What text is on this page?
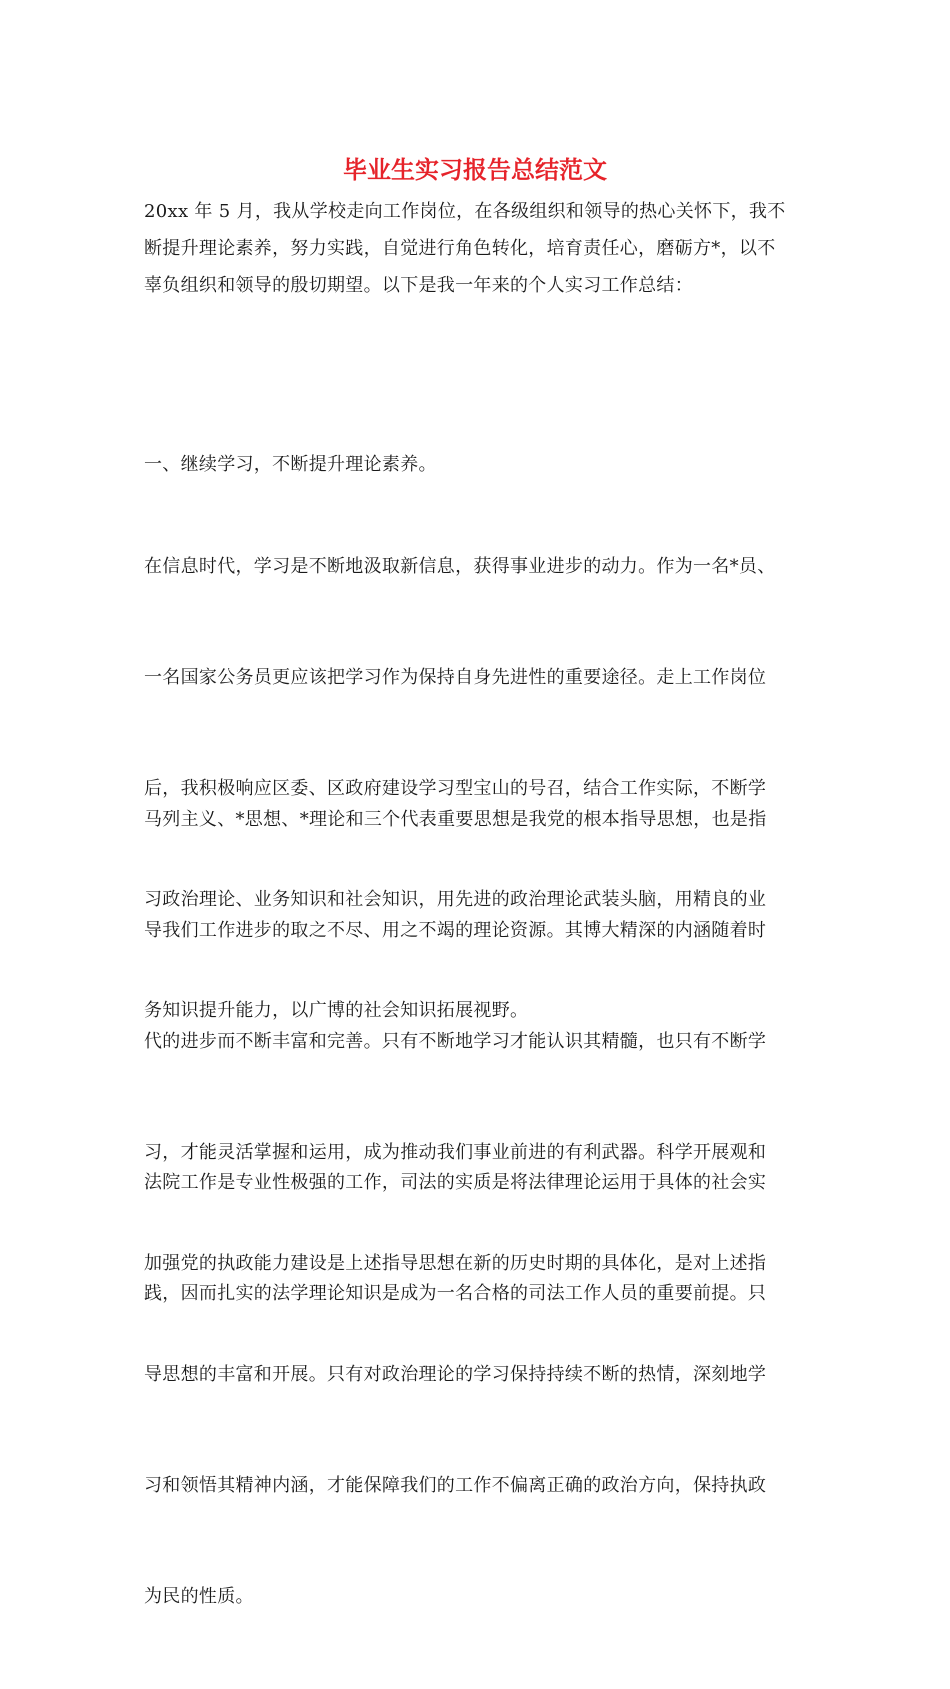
毕业生实习报告总结范文
20xx 年 5 月，我从学校走向工作岗位，在各级组织和领导的热心关怀下，我不
断提升理论素养，努力实践，自觉进行角色转化，培育责任心，磨砺方*，以不
辜负组织和领导的殷切期望。以下是我一年来的个人实习工作总结：

一、继续学习，不断提升理论素养。

在信息时代，学习是不断地汲取新信息，获得事业进步的动力。作为一名*员、

一名国家公务员更应该把学习作为保持自身先进性的重要途径。走上工作岗位

后，我积极响应区委、区政府建设学习型宝山的号召，结合工作实际，不断学

习政治理论、业务知识和社会知识，用先进的政治理论武装头脑，用精良的业

务知识提升能力，以广博的社会知识拓展视野。

马列主义、*思想、*理论和三个代表重要思想是我党的根本指导思想，也是指

导我们工作进步的取之不尽、用之不竭的理论资源。其博大精深的内涵随着时

代的进步而不断丰富和完善。只有不断地学习才能认识其精髓，也只有不断学

习，才能灵活掌握和运用，成为推动我们事业前进的有利武器。科学开展观和

加强党的执政能力建设是上述指导思想在新的历史时期的具体化，是对上述指

导思想的丰富和开展。只有对政治理论的学习保持持续不断的热情，深刻地学

习和领悟其精神内涵，才能保障我们的工作不偏离正确的政治方向，保持执政

为民的性质。

法院工作是专业性极强的工作，司法的实质是将法律理论运用于具体的社会实

践，因而扎实的法学理论知识是成为一名合格的司法工作人员的重要前提。只
